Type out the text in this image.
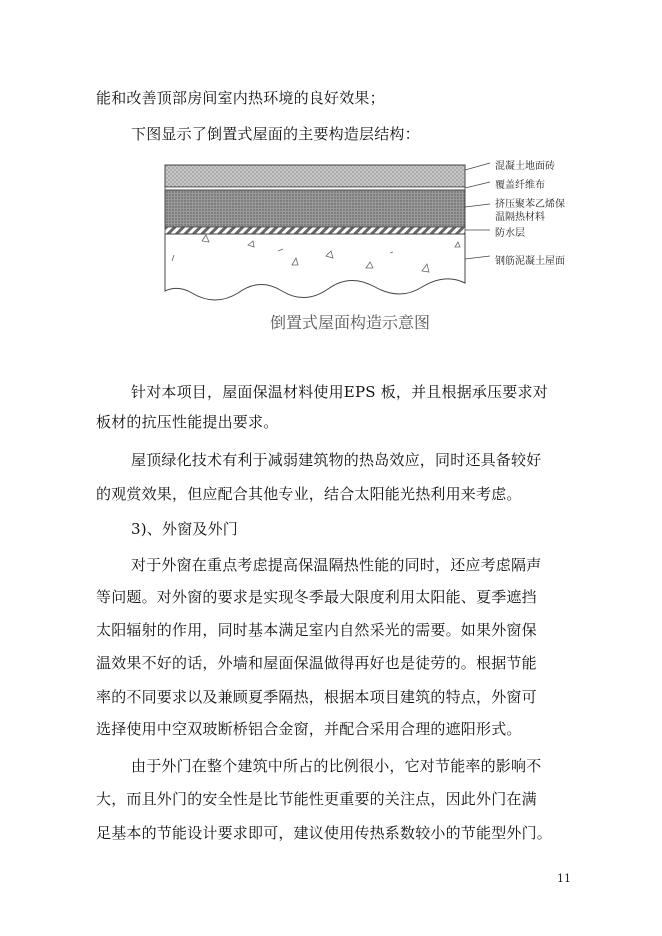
能和改善顶部房间室内热环境的良好效果；
下图显示了倒置式屋面的主要构造层结构：
混凝土地面砖
覆盖纤维布
挤压聚苯乙烯保
温隔热材料
防水层
钢筋泥凝土屋面
倒置式屋面构造示意图
针对本项目，屋面保温材料使用EPS 板，并且根据承压要求对
板材的抗压性能提出要求。
屋顶绿化技术有利于减弱建筑物的热岛效应，同时还具备较好
的观赏效果，但应配合其他专业，结合太阳能光热利用来考虑。
3)、外窗及外门
对于外窗在重点考虑提高保温隔热性能的同时，还应考虑隔声
等问题。对外窗的要求是实现冬季最大限度利用太阳能、夏季遮挡
太阳辐射的作用，同时基本满足室内自然采光的需要。如果外窗保
温效果不好的话，外墙和屋面保温做得再好也是徒劳的。根据节能
率的不同要求以及兼顾夏季隔热，根据本项目建筑的特点，外窗可
选择使用中空双玻断桥铝合金窗，并配合采用合理的遮阳形式。
由于外门在整个建筑中所占的比例很小，它对节能率的影响不
大，而且外门的安全性是比节能性更重要的关注点，因此外门在满
足基本的节能设计要求即可，建议使用传热系数较小的节能型外门。
11
